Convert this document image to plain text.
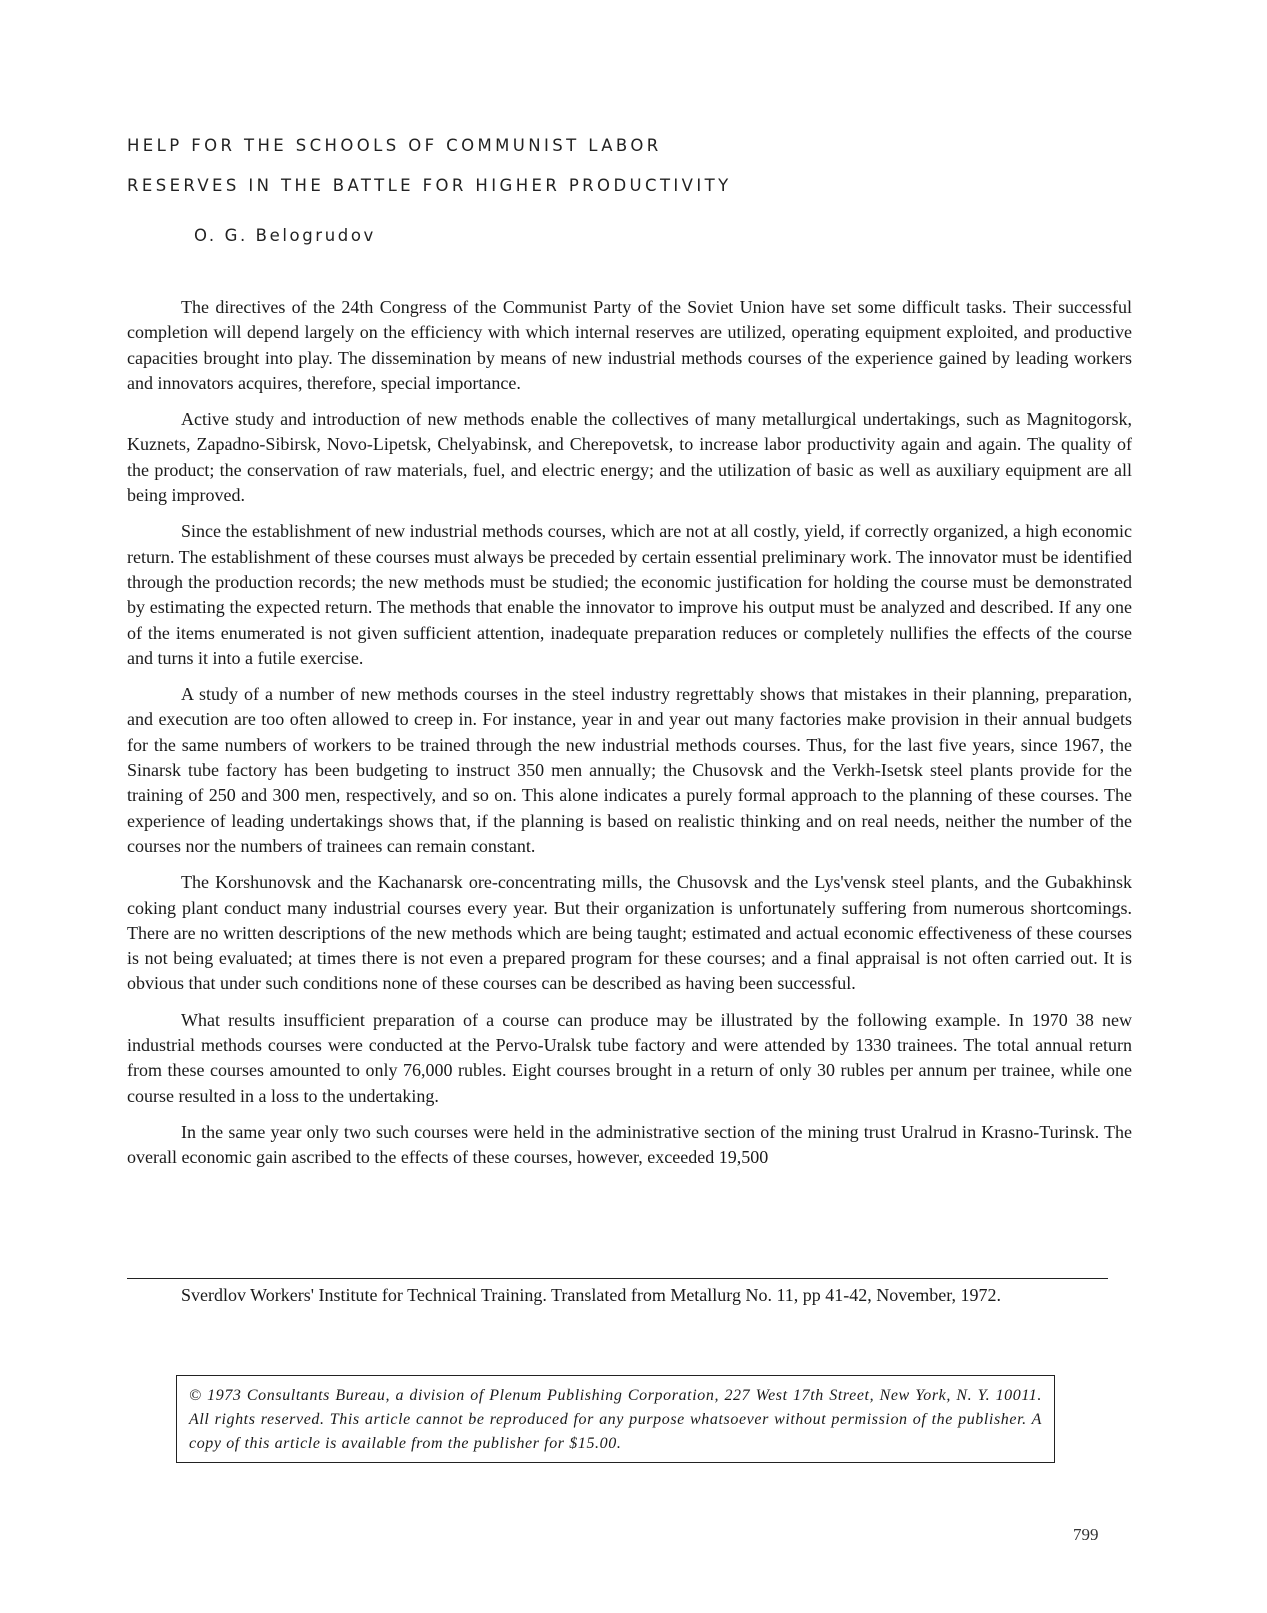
HELP FOR THE SCHOOLS OF COMMUNIST LABOR
RESERVES IN THE BATTLE FOR HIGHER PRODUCTIVITY
O. G. Belogrudov

The directives of the 24th Congress of the Communist Party of the Soviet Union have set some difficult tasks. Their successful completion will depend largely on the efficiency with which internal reserves are utilized, operating equipment exploited, and productive capacities brought into play. The dissemination by means of new industrial methods courses of the experience gained by leading workers and innovators acquires, therefore, special importance.

Active study and introduction of new methods enable the collectives of many metallurgical undertakings, such as Magnitogorsk, Kuznets, Zapadno-Sibirsk, Novo-Lipetsk, Chelyabinsk, and Cherepovetsk, to increase labor productivity again and again. The quality of the product; the conservation of raw materials, fuel, and electric energy; and the utilization of basic as well as auxiliary equipment are all being improved.

Since the establishment of new industrial methods courses, which are not at all costly, yield, if correctly organized, a high economic return. The establishment of these courses must always be preceded by certain essential preliminary work. The innovator must be identified through the production records; the new methods must be studied; the economic justification for holding the course must be demonstrated by estimating the expected return. The methods that enable the innovator to improve his output must be analyzed and described. If any one of the items enumerated is not given sufficient attention, inadequate preparation reduces or completely nullifies the effects of the course and turns it into a futile exercise.

A study of a number of new methods courses in the steel industry regrettably shows that mistakes in their planning, preparation, and execution are too often allowed to creep in. For instance, year in and year out many factories make provision in their annual budgets for the same numbers of workers to be trained through the new industrial methods courses. Thus, for the last five years, since 1967, the Sinarsk tube factory has been budgeting to instruct 350 men annually; the Chusovsk and the Verkh-Isetsk steel plants provide for the training of 250 and 300 men, respectively, and so on. This alone indicates a purely formal approach to the planning of these courses. The experience of leading undertakings shows that, if the planning is based on realistic thinking and on real needs, neither the number of the courses nor the numbers of trainees can remain constant.

The Korshunovsk and the Kachanarsk ore-concentrating mills, the Chusovsk and the Lys'vensk steel plants, and the Gubakhinsk coking plant conduct many industrial courses every year. But their organization is unfortunately suffering from numerous shortcomings. There are no written descriptions of the new methods which are being taught; estimated and actual economic effectiveness of these courses is not being evaluated; at times there is not even a prepared program for these courses; and a final appraisal is not often carried out. It is obvious that under such conditions none of these courses can be described as having been successful.

What results insufficient preparation of a course can produce may be illustrated by the following example. In 1970 38 new industrial methods courses were conducted at the Pervo-Uralsk tube factory and were attended by 1330 trainees. The total annual return from these courses amounted to only 76,000 rubles. Eight courses brought in a return of only 30 rubles per annum per trainee, while one course resulted in a loss to the undertaking.

In the same year only two such courses were held in the administrative section of the mining trust Uralrud in Krasno-Turinsk. The overall economic gain ascribed to the effects of these courses, however, exceeded 19,500

Sverdlov Workers' Institute for Technical Training. Translated from Metallurg No. 11, pp 41-42, November, 1972.
© 1973 Consultants Bureau, a division of Plenum Publishing Corporation, 227 West 17th Street, New York, N. Y. 10011. All rights reserved. This article cannot be reproduced for any purpose whatsoever without permission of the publisher. A copy of this article is available from the publisher for $15.00.
799
